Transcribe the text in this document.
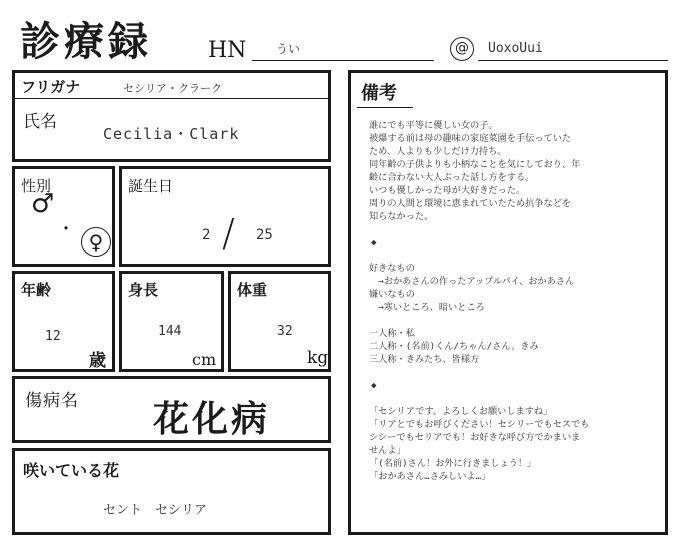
診療録	HN うい	@	UoxoUui
フリガナ	セシリア・クラーク
氏名
Cecilia・Clark
性別
♂
・
♀
誕生日
2 / 25
年齢
12
歳
身長
144
cm
体重
32
kg
傷病名 花化病
咲いている花
セント　セシリア
備考

誰にでも平等に優しい女の子。

被爆する前は母の趣味の家庭菜園を手伝っていた

ため、人よりも少しだけ力持ち。

同年齢の子供よりも小柄なことを気にしており、年

齢に合わない大人ぶった話し方をする。

いつも優しかった母が大好きだった。

周りの人間と環境に恵まれていたため抗争などを

知らなかった。

◆

好きなもの

　→おかあさんの作ったアップルパイ、おかあさん

嫌いなもの

　→寒いところ、暗いところ

一人称・私

二人称・(名前)くん/ちゃん/さん、きみ

三人称・きみたち、皆様方

◆

「セシリアです。よろしくお願いしますね」

「リアとでもお呼びください！セシリーでもセスでも

シシーでもセリアでも！お好きな呼び方でかまいま

せんよ」

「(名前)さん！お外に行きましょう！」

「おかあさん…さみしいよ…」
